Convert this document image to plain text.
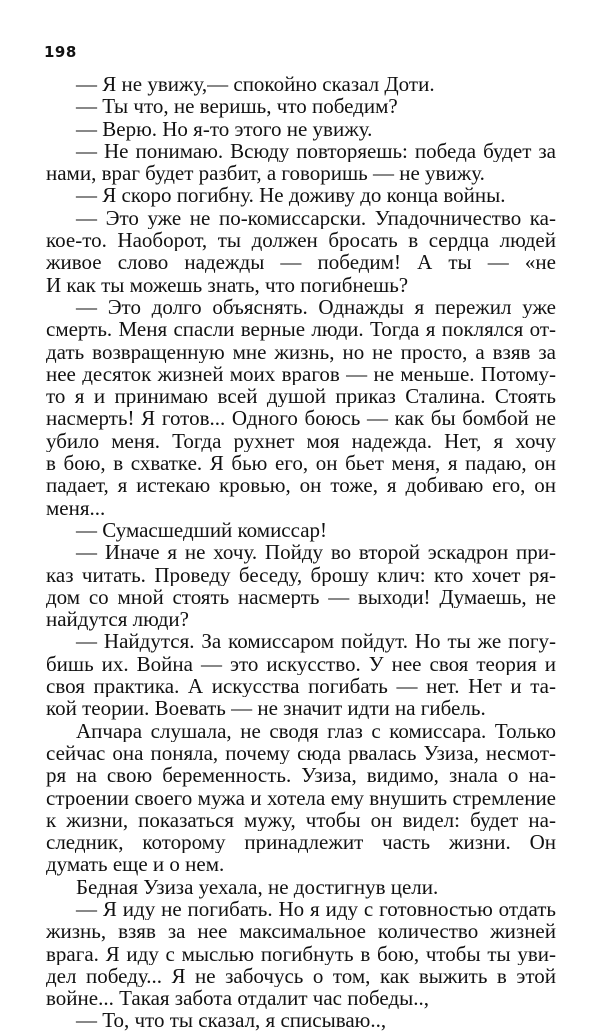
198
— Я не увижу,— спокойно сказал Доти.
— Ты что, не веришь, что победим?
— Верю. Но я-то этого не увижу.
— Не понимаю. Всюду повторяешь: победа будет за
нами, враг будет разбит, а говоришь — не увижу.
— Я скоро погибну. Не доживу до конца войны.
— Это уже не по-комиссарски. Упадочничество ка-
кое-то. Наоборот, ты должен бросать в сердца людей
живое слово надежды — победим! А ты — «не
И как ты можешь знать, что погибнешь?
— Это долго объяснять. Однажды я пережил уже
смерть. Меня спасли верные люди. Тогда я поклялся от-
дать возвращенную мне жизнь, но не просто, а взяв за
нее десяток жизней моих врагов — не меньше. Потому-
то я и принимаю всей душой приказ Сталина. Стоять
насмерть! Я готов... Одного боюсь — как бы бомбой не
убило меня. Тогда рухнет моя надежда. Нет, я хочу
в бою, в схватке. Я бью его, он бьет меня, я падаю, он
падает, я истекаю кровью, он тоже, я добиваю его, он
меня...
— Сумасшедший комиссар!
— Иначе я не хочу. Пойду во второй эскадрон при-
каз читать. Проведу беседу, брошу клич: кто хочет ря-
дом со мной стоять насмерть — выходи! Думаешь, не
найдутся люди?
— Найдутся. За комиссаром пойдут. Но ты же погу-
бишь их. Война — это искусство. У нее своя теория и
своя практика. А искусства погибать — нет. Нет и та-
кой теории. Воевать — не значит идти на гибель.
Апчара слушала, не сводя глаз с комиссара. Только
сейчас она поняла, почему сюда рвалась Узиза, несмот-
ря на свою беременность. Узиза, видимо, знала о на-
строении своего мужа и хотела ему внушить стремление
к жизни, показаться мужу, чтобы он видел: будет на-
следник, которому принадлежит часть жизни. Он
думать еще и о нем.
Бедная Узиза уехала, не достигнув цели.
— Я иду не погибать. Но я иду с готовностью отдать
жизнь, взяв за нее максимальное количество жизней
врага. Я иду с мыслью погибнуть в бою, чтобы ты уви-
дел победу... Я не забочусь о том, как выжить в этой
войне... Такая забота отдалит час победы..,
— То, что ты сказал, я списываю..,
